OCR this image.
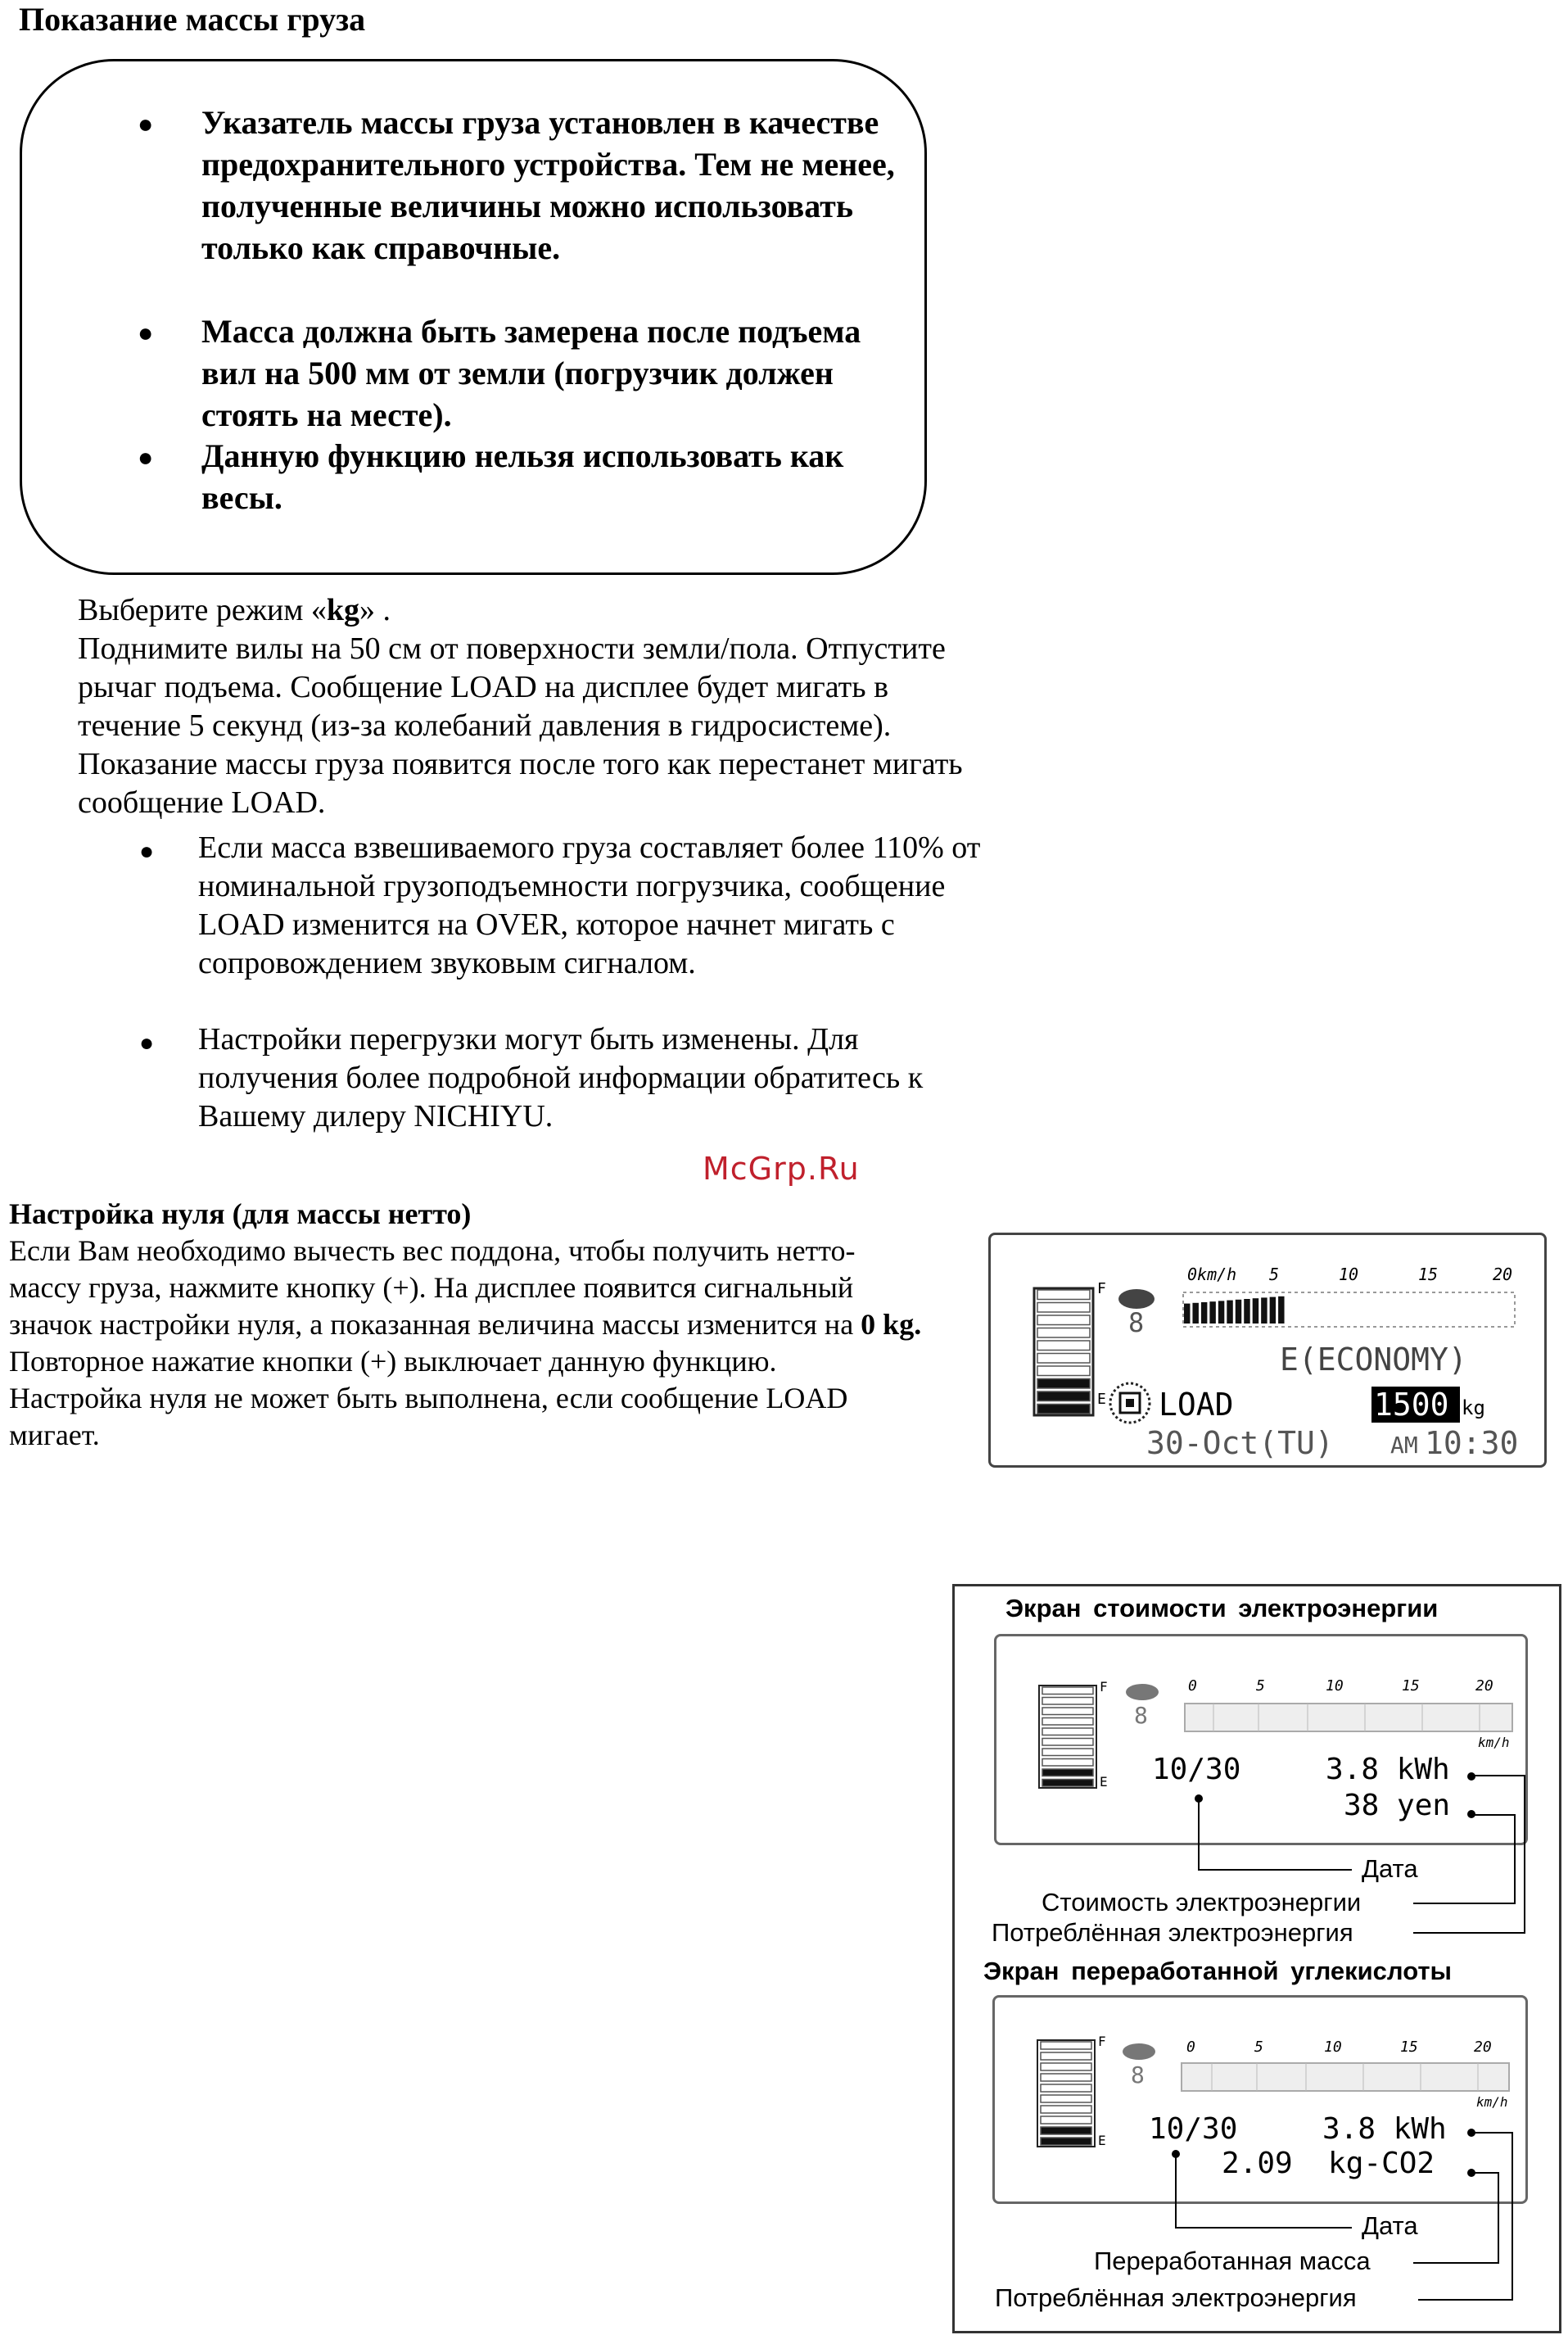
Показание массы груза
● Указатель массы груза установлен в качестве предохранительного устройства. Тем не менее, полученные величины можно использовать только как справочные.
● Масса должна быть замерена после подъема вил на 500 мм от земли (погрузчик должен стоять на месте).
● Данную функцию нельзя использовать как весы.
Выберите режим «kg» .
Поднимите вилы на 50 см от поверхности земли/пола. Отпустите рычаг подъема. Сообщение LOAD на дисплее будет мигать в течение 5 секунд (из-за колебаний давления в гидросистеме). Показание массы груза появится после того как перестанет мигать сообщение LOAD.
● Если масса взвешиваемого груза составляет более 110% от номинальной грузоподъемности погрузчика, сообщение LOAD изменится на OVER, которое начнет мигать с сопровождением звуковым сигналом.
● Настройки перегрузки могут быть изменены. Для получения более подробной информации обратитесь к Вашему дилеру NICHIYU.
McGrp.Ru
Настройка нуля (для массы нетто)
Если Вам необходимо вычесть вес поддона, чтобы получить нетто-массу груза, нажмите кнопку (+). На дисплее появится сигнальный значок настройки нуля, а показанная величина массы изменится на 0 kg.
Повторное нажатие кнопки (+) выключает данную функцию.
Настройка нуля не может быть выполнена, если сообщение LOAD мигает.
0km/h 5	10	15	20
F
E
8
E(ECONOMY)
LOAD	1500 kg
30-Oct(TU) AM 10:30
Экран стоимости электроэнергии
0	5	10	15	20
km/h
F
E
8
10/30	3.8 kWh
38 yen
Дата
Стоимость электроэнергии
Потреблённая электроэнергия
Экран переработанной углекислоты
0	5	10	15	20
km/h
F
E
8
10/30	3.8 kWh
2.09  kg-CO2
Дата
Переработанная масса
Потреблённая электроэнергия
